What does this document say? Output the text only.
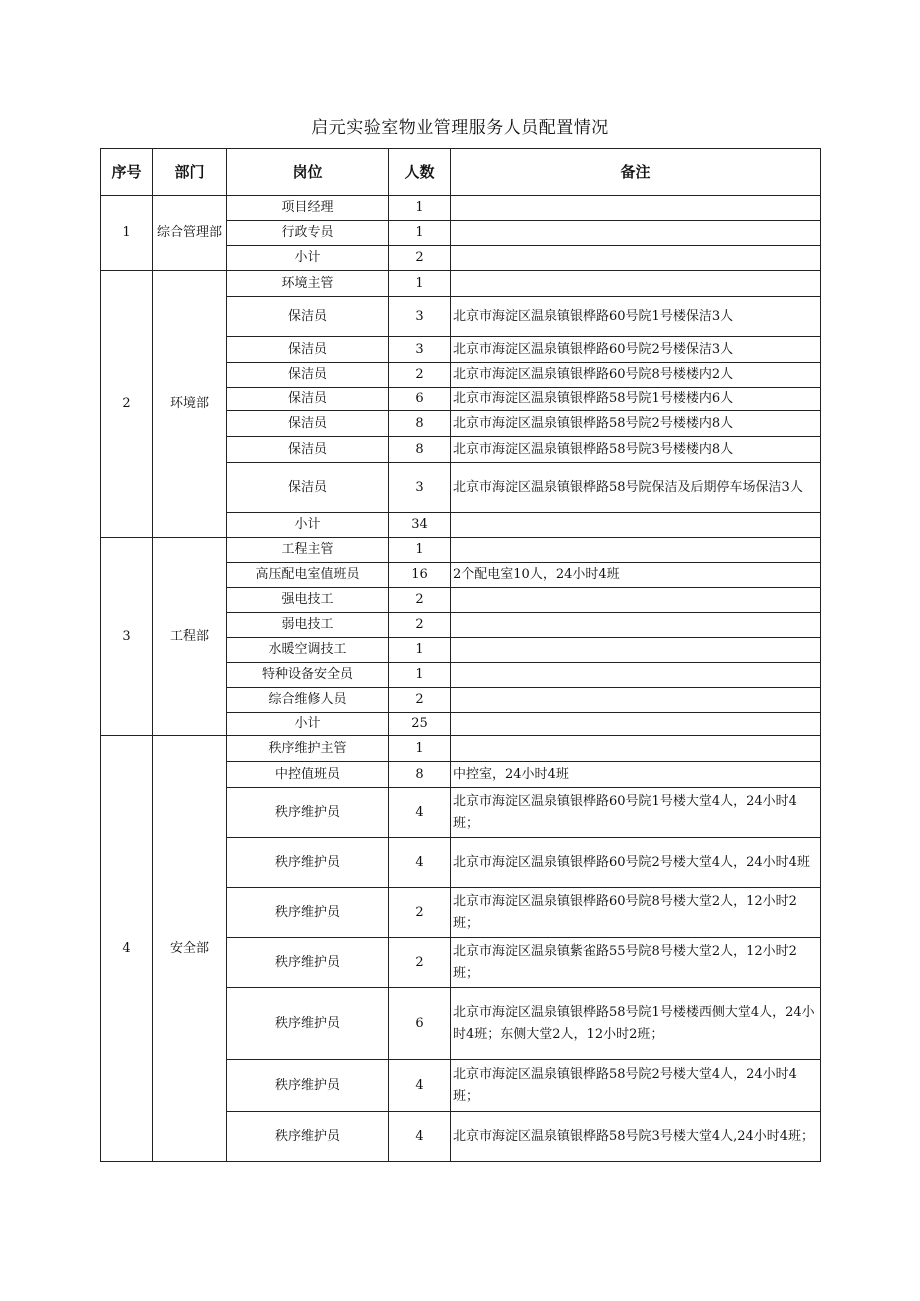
启元实验室物业管理服务人员配置情况
序号	部门	岗位	人数	备注
1	综合管理部	项目经理	1	
		行政专员	1	
		小计	2	
2	环境部	环境主管	1	
		保洁员	3	北京市海淀区温泉镇银桦路60号院1号楼保洁3人
		保洁员	3	北京市海淀区温泉镇银桦路60号院2号楼保洁3人
		保洁员	2	北京市海淀区温泉镇银桦路60号院8号楼楼内2人
		保洁员	6	北京市海淀区温泉镇银桦路58号院1号楼楼内6人
		保洁员	8	北京市海淀区温泉镇银桦路58号院2号楼楼内8人
		保洁员	8	北京市海淀区温泉镇银桦路58号院3号楼楼内8人
		保洁员	3	北京市海淀区温泉镇银桦路58号院保洁及后期停车场保洁3人
		小计	34	
3	工程部	工程主管	1	
		高压配电室值班员	16	2个配电室10人，24小时4班
		强电技工	2	
		弱电技工	2	
		水暖空调技工	1	
		特种设备安全员	1	
		综合维修人员	2	
		小计	25	
4	安全部	秩序维护主管	1	
		中控值班员	8	中控室，24小时4班
		秩序维护员	4	北京市海淀区温泉镇银桦路60号院1号楼大堂4人，24小时4班；
		秩序维护员	4	北京市海淀区温泉镇银桦路60号院2号楼大堂4人，24小时4班
		秩序维护员	2	北京市海淀区温泉镇银桦路60号院8号楼大堂2人，12小时2班；
		秩序维护员	2	北京市海淀区温泉镇紫雀路55号院8号楼大堂2人，12小时2班；
		秩序维护员	6	北京市海淀区温泉镇银桦路58号院1号楼楼西侧大堂4人，24小时4班；东侧大堂2人，12小时2班；
		秩序维护员	4	北京市海淀区温泉镇银桦路58号院2号楼大堂4人，24小时4班；
		秩序维护员	4	北京市海淀区温泉镇银桦路58号院3号楼大堂4人,24小时4班；
